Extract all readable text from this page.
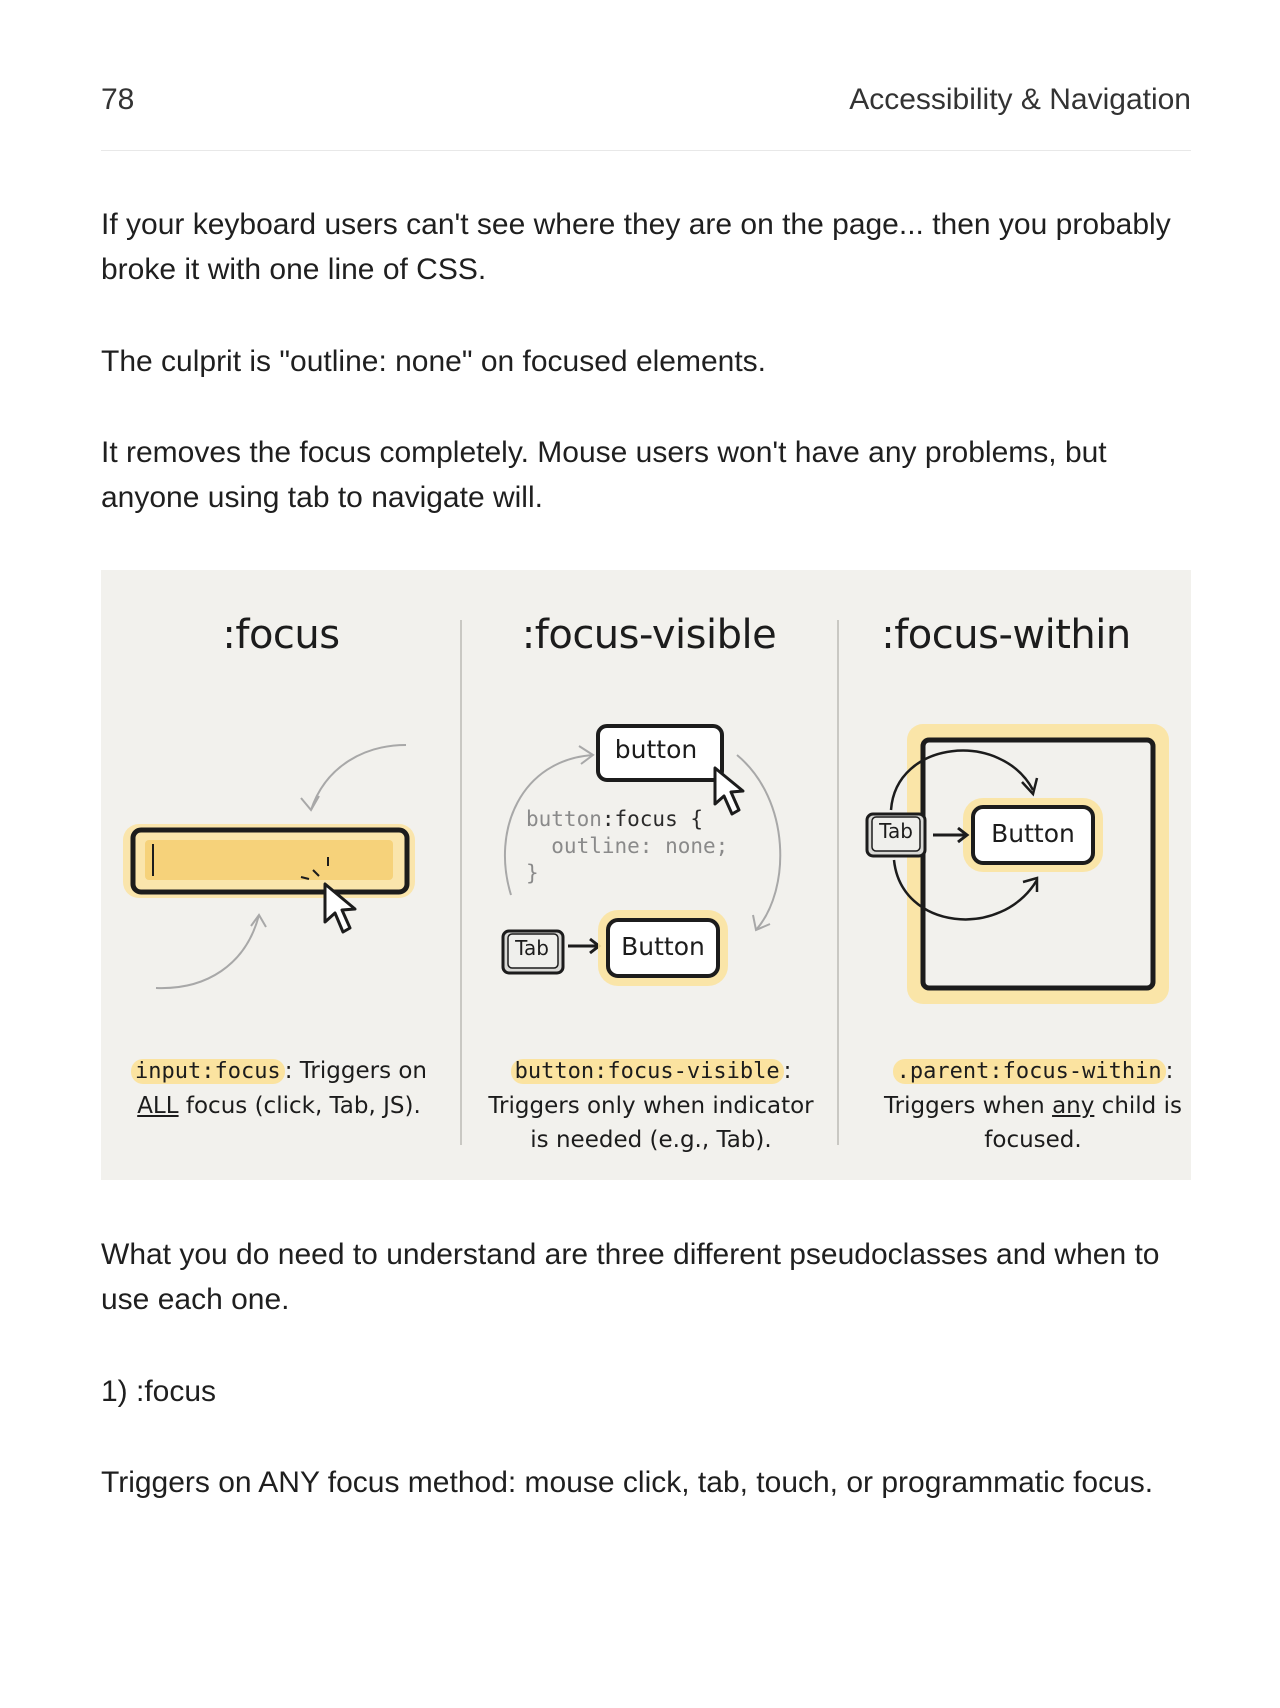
78	Accessibility & Navigation

If your keyboard users can't see where they are on the page... then you probably broke it with one line of CSS.

The culprit is "outline: none" on focused elements.

It removes the focus completely. Mouse users won't have any problems, but anyone using tab to navigate will.

:focus	:focus-visible	:focus-within
button
button:focus {
outline: none;
}
Tab	Button
Tab	Button
input:focus : Triggers on
ALL focus (click, Tab, JS).
button:focus-visible :
Triggers only when indicator is needed (e.g., Tab).
.parent:focus-within :
Triggers when any child is focused.

What you do need to understand are three different pseudoclasses and when to use each one.

1) :focus

Triggers on ANY focus method: mouse click, tab, touch, or programmatic focus.
